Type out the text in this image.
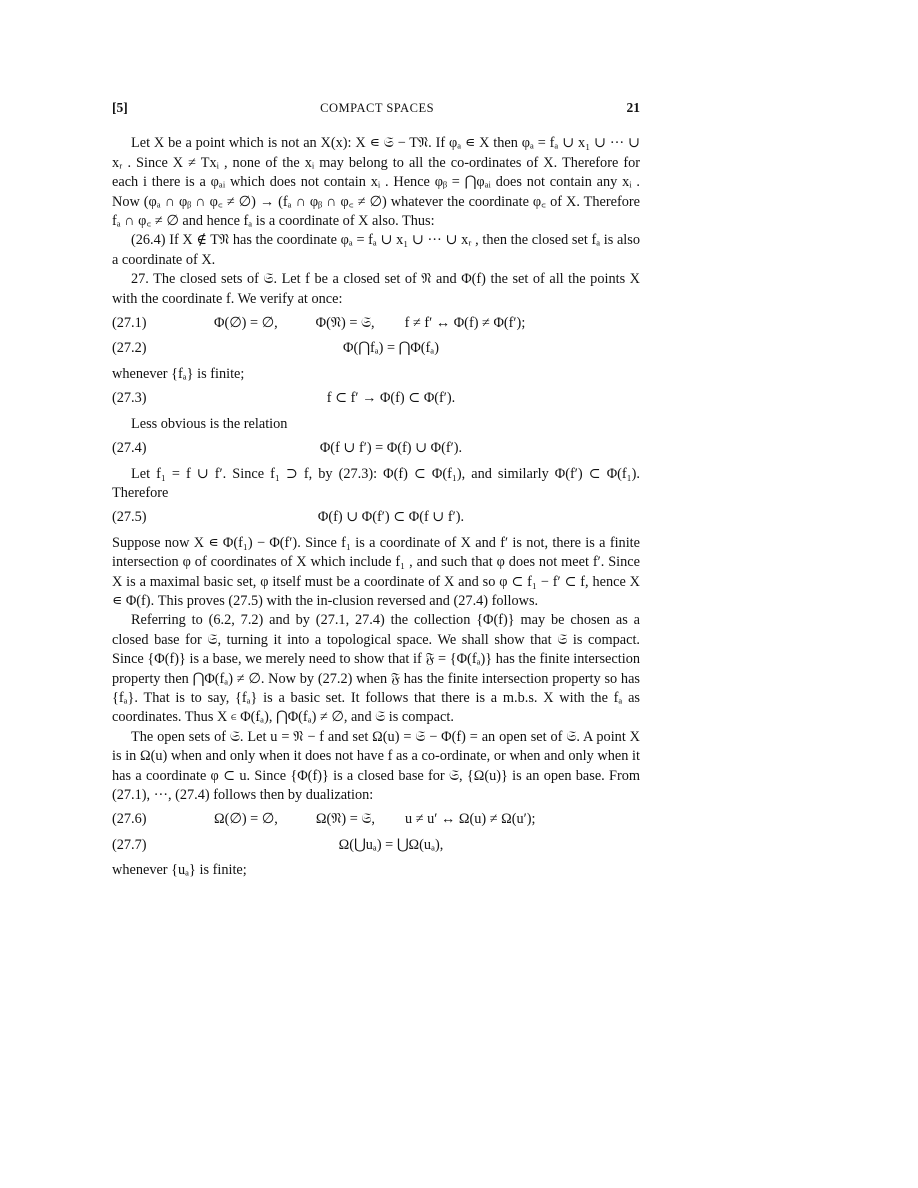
[5]	COMPACT SPACES	21

Let X be a point which is not an X(x): X ∊ 𝔖 − T𝔑. If φₐ ∊ X then φₐ = fₐ ∪ x₁ ∪ ··· ∪ xᵣ . Since X ≠ Txᵢ , none of the xᵢ may belong to all the co-ordinates of X. Therefore for each i there is a φₐᵢ which does not contain xᵢ . Hence φᵦ = ⋂φₐᵢ does not contain any xᵢ . Now (φₐ ∩ φᵦ ∩ φ꜀ ≠ ∅) → (fₐ ∩ φᵦ ∩ φ꜀ ≠ ∅) whatever the coordinate φ꜀ of X. Therefore fₐ ∩ φ꜀ ≠ ∅ and hence fₐ is a coordinate of X also. Thus:

(26.4) If X ∉ T𝔑 has the coordinate φₐ = fₐ ∪ x₁ ∪ ··· ∪ xᵣ , then the closed set fₐ is also a coordinate of X.

27. The closed sets of 𝔖. Let f be a closed set of 𝔑 and Φ(f) the set of all the points X with the coordinate f. We verify at once:

(27.1)	Φ(∅) = ∅,	Φ(𝔑) = 𝔖, f ≠ f′ ↔ Φ(f) ≠ Φ(f′);
(27.2)	Φ(⋂fₐ) = ⋂Φ(fₐ)

whenever {fₐ} is finite;

(27.3)	f ⊂ f′ → Φ(f) ⊂ Φ(f′).

Less obvious is the relation

(27.4)	Φ(f ∪ f′) = Φ(f) ∪ Φ(f′).

Let f₁ = f ∪ f′. Since f₁ ⊃ f, by (27.3): Φ(f) ⊂ Φ(f₁), and similarly Φ(f′) ⊂ Φ(f₁). Therefore

(27.5)	Φ(f) ∪ Φ(f′) ⊂ Φ(f ∪ f′).

Suppose now X ∊ Φ(f₁) − Φ(f′). Since f₁ is a coordinate of X and f′ is not, there is a finite intersection φ of coordinates of X which include f₁ , and such that φ does not meet f′. Since X is a maximal basic set, φ itself must be a coordinate of X and so φ ⊂ f₁ − f′ ⊂ f, hence X ∊ Φ(f). This proves (27.5) with the in-clusion reversed and (27.4) follows.

Referring to (6.2, 7.2) and by (27.1, 27.4) the collection {Φ(f)} may be chosen as a closed base for 𝔖, turning it into a topological space. We shall show that 𝔖 is compact. Since {Φ(f)} is a base, we merely need to show that if 𝔉 = {Φ(fₐ)} has the finite intersection property then ⋂Φ(fₐ) ≠ ∅. Now by (27.2) when 𝔉 has the finite intersection property so has {fₐ}. That is to say, {fₐ} is a basic set. It follows that there is a m.b.s. X with the fₐ as coordinates. Thus X ∊ Φ(fₐ), ⋂Φ(fₐ) ≠ ∅, and 𝔖 is compact.

The open sets of 𝔖. Let u = 𝔑 − f and set Ω(u) = 𝔖 − Φ(f) = an open set of 𝔖. A point X is in Ω(u) when and only when it does not have f as a co-ordinate, or when and only when it has a coordinate φ ⊂ u. Since {Φ(f)} is a closed base for 𝔖, {Ω(u)} is an open base. From (27.1), ···, (27.4) follows then by dualization:

(27.6)	Ω(∅) = ∅,	Ω(𝔑) = 𝔖, u ≠ u′ ↔ Ω(u) ≠ Ω(u′);
(27.7)	Ω(⋃uₐ) = ⋃Ω(uₐ),

whenever {uₐ} is finite;
